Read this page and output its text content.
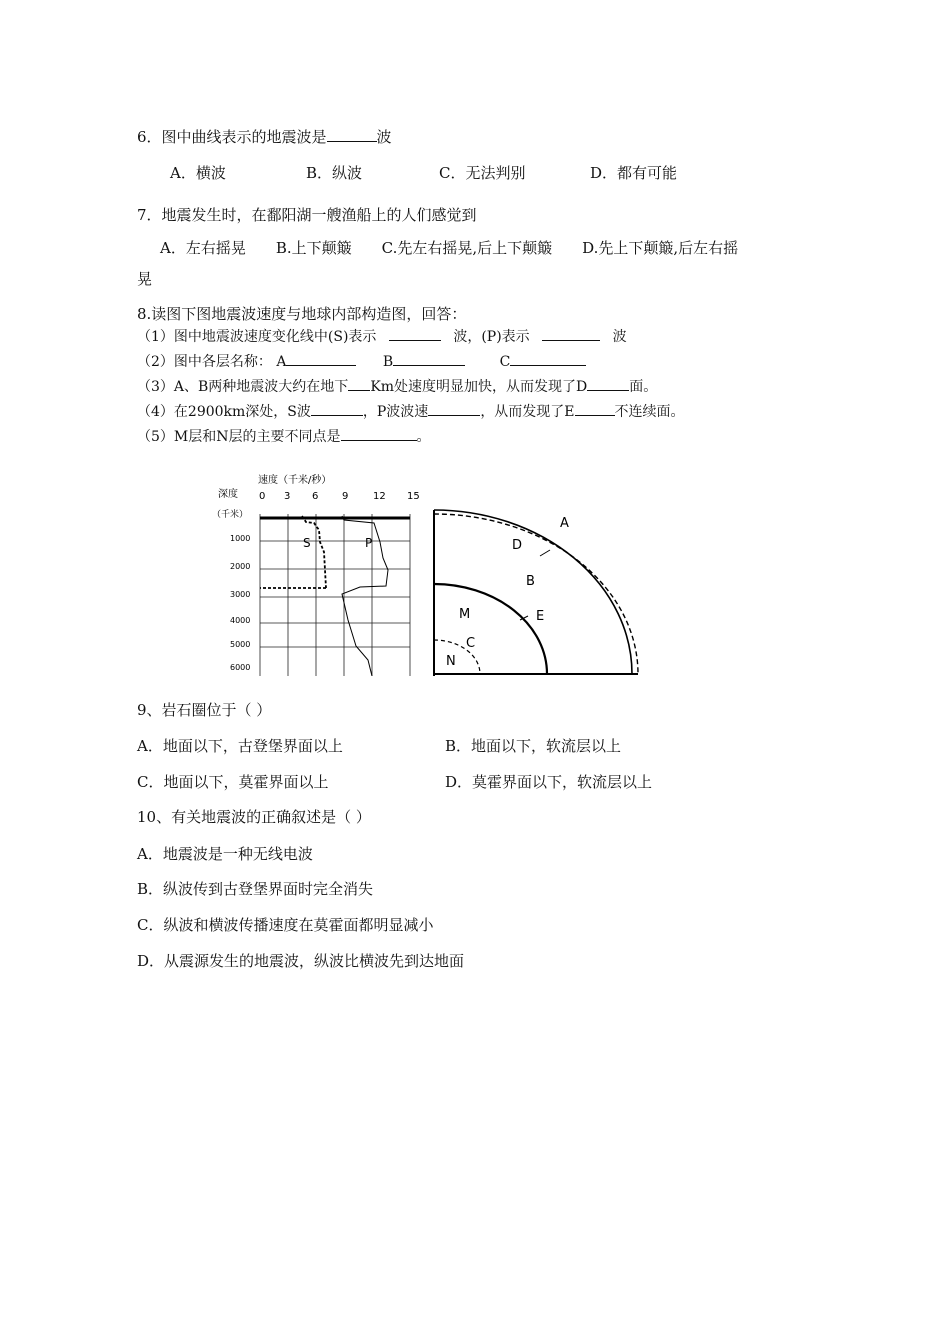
6．图中曲线表示的地震波是	波
A．横波	B．纵波	C．无法判别	D．都有可能
7．地震发生时，在鄱阳湖一艘渔船上的人们感觉到
A．左右摇晃　　B.上下颠簸　　C.先左右摇晃,后上下颠簸　　D.先上下颠簸,后左右摇
晃
8.读图下图地震波速度与地球内部构造图，回答：
（1）图中地震波速度变化线中(S)表示	波，(P)表示	波
（2）图中各层名称： A	B	C
（3）A、B两种地震波大约在地下 Km处速度明显加快，从而发现了D	面。
（4）在2900km深处，S波	，P波波速	，从而发现了E	不连续面。
（5）M层和N层的主要不同点是	。
速度（千米/秒）
深度
（千米）
0 3 6 9 12 15
1000
2000
3000
4000
5000
6000
S	P
A
D
B
E
M
C
N
9、岩石圈位于（ ）
A．地面以下，古登堡界面以上	B．地面以下，软流层以上
C．地面以下，莫霍界面以上	D．莫霍界面以下，软流层以上
10、有关地震波的正确叙述是（ ）
A．地震波是一种无线电波
B．纵波传到古登堡界面时完全消失
C．纵波和横波传播速度在莫霍面都明显减小
D．从震源发生的地震波，纵波比横波先到达地面
